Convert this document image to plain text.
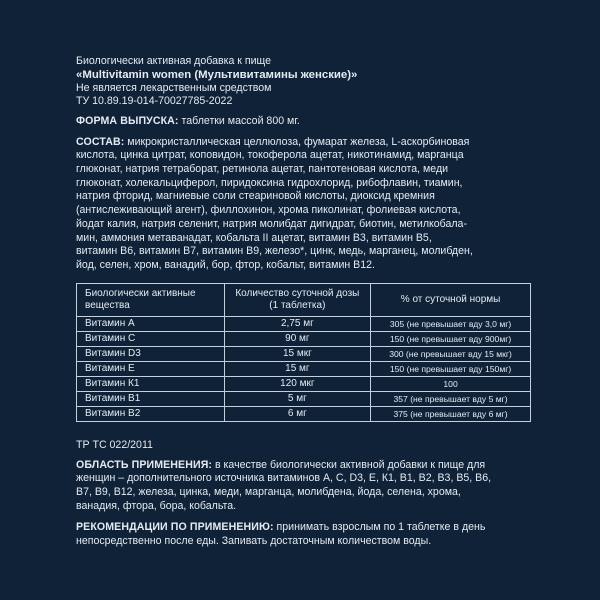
Биологически активная добавка к пище
«Multivitamin women (Мультивитамины женские)»
Не является лекарственным средством
ТУ 10.89.19-014-70027785-2022
ФОРМА ВЫПУСКА: таблетки массой 800 мг.
СОСТАВ: микрокристаллическая целлюлоза, фумарат железа, L-аскорбиновая
кислота, цинка цитрат, коповидон, токоферола ацетат, никотинамид, марганца
глюконат, натрия тетраборат, ретинола ацетат, пантотеновая кислота, меди
глюконат, холекальциферол, пиридоксина гидрохлорид, рибофлавин, тиамин,
натрия фторид, магниевые соли стеариновой кислоты, диоксид кремния
(антислеживающий агент), филлохинон, хрома пиколинат, фолиевая кислота,
йодат калия, натрия селенит, натрия молибдат дигидрат, биотин, метилкобала-
мин, аммония метаванадат, кобальта II ацетат, витамин B3, витамин B5,
витамин B6, витамин B7, витамин B9, железо*, цинк, медь, марганец, молибден,
йод, селен, хром, ванадий, бор, фтор, кобальт, витамин B12.
Биологически активные вещества	Количество суточной дозы (1 таблетка)	% от суточной нормы
Витамин А	2,75 мг	305 (не превышает вду 3,0 мг)
Витамин С	90 мг	150 (не превышает вду 900мг)
Витамин D3	15 мкг	300 (не превышает вду 15 мкг)
Витамин Е	15 мг	150 (не превышает вду 150мг)
Витамин К1	120 мкг	100
Витамин В1	5 мг	357 (не превышает вду 5 мг)
Витамин В2	6 мг	375 (не превышает вду 6 мг)
ТР ТС 022/2011
ОБЛАСТЬ ПРИМЕНЕНИЯ: в качестве биологически активной добавки к пище для
женщин – дополнительного источника витаминов А, С, D3, Е, К1, В1, В2, В3, В5, В6,
В7, В9, В12, железа, цинка, меди, марганца, молибдена, йода, селена, хрома,
ванадия, фтора, бора, кобальта.
РЕКОМЕНДАЦИИ ПО ПРИМЕНЕНИЮ: принимать взрослым по 1 таблетке в день
непосредственно после еды. Запивать достаточным количеством воды.
